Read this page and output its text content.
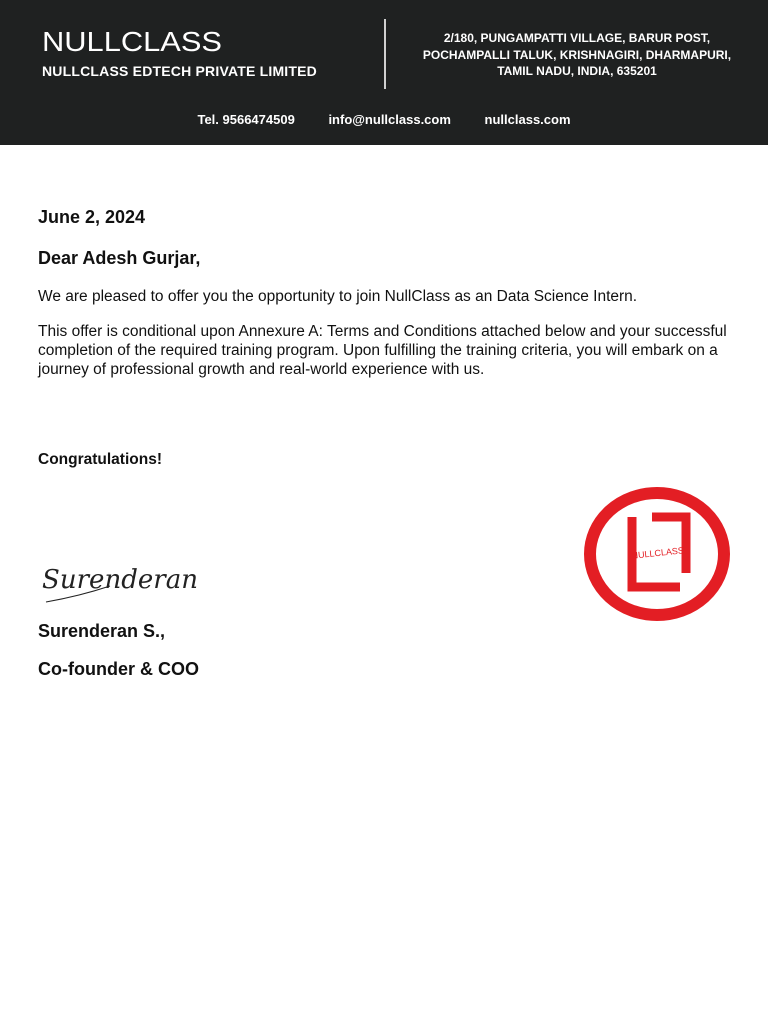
NULLCLASS
NULLCLASS EDTECH PRIVATE LIMITED
2/180, PUNGAMPATTI VILLAGE, BARUR POST,
POCHAMPALLI TALUK, KRISHNAGIRI, DHARMAPURI,
TAMIL NADU, INDIA, 635201
Tel. 9566474509	info@nullclass.com	nullclass.com
June 2, 2024
Dear Adesh Gurjar,

We are pleased to offer you the opportunity to join NullClass as an Data Science Intern.

This offer is conditional upon Annexure A: Terms and Conditions attached below and your successful completion of the required training program. Upon fulfilling the training criteria, you will embark on a journey of professional growth and real-world experience with us.

Congratulations!
NULLCLASS
Surenderan
Surenderan S.,
Co-founder & COO
